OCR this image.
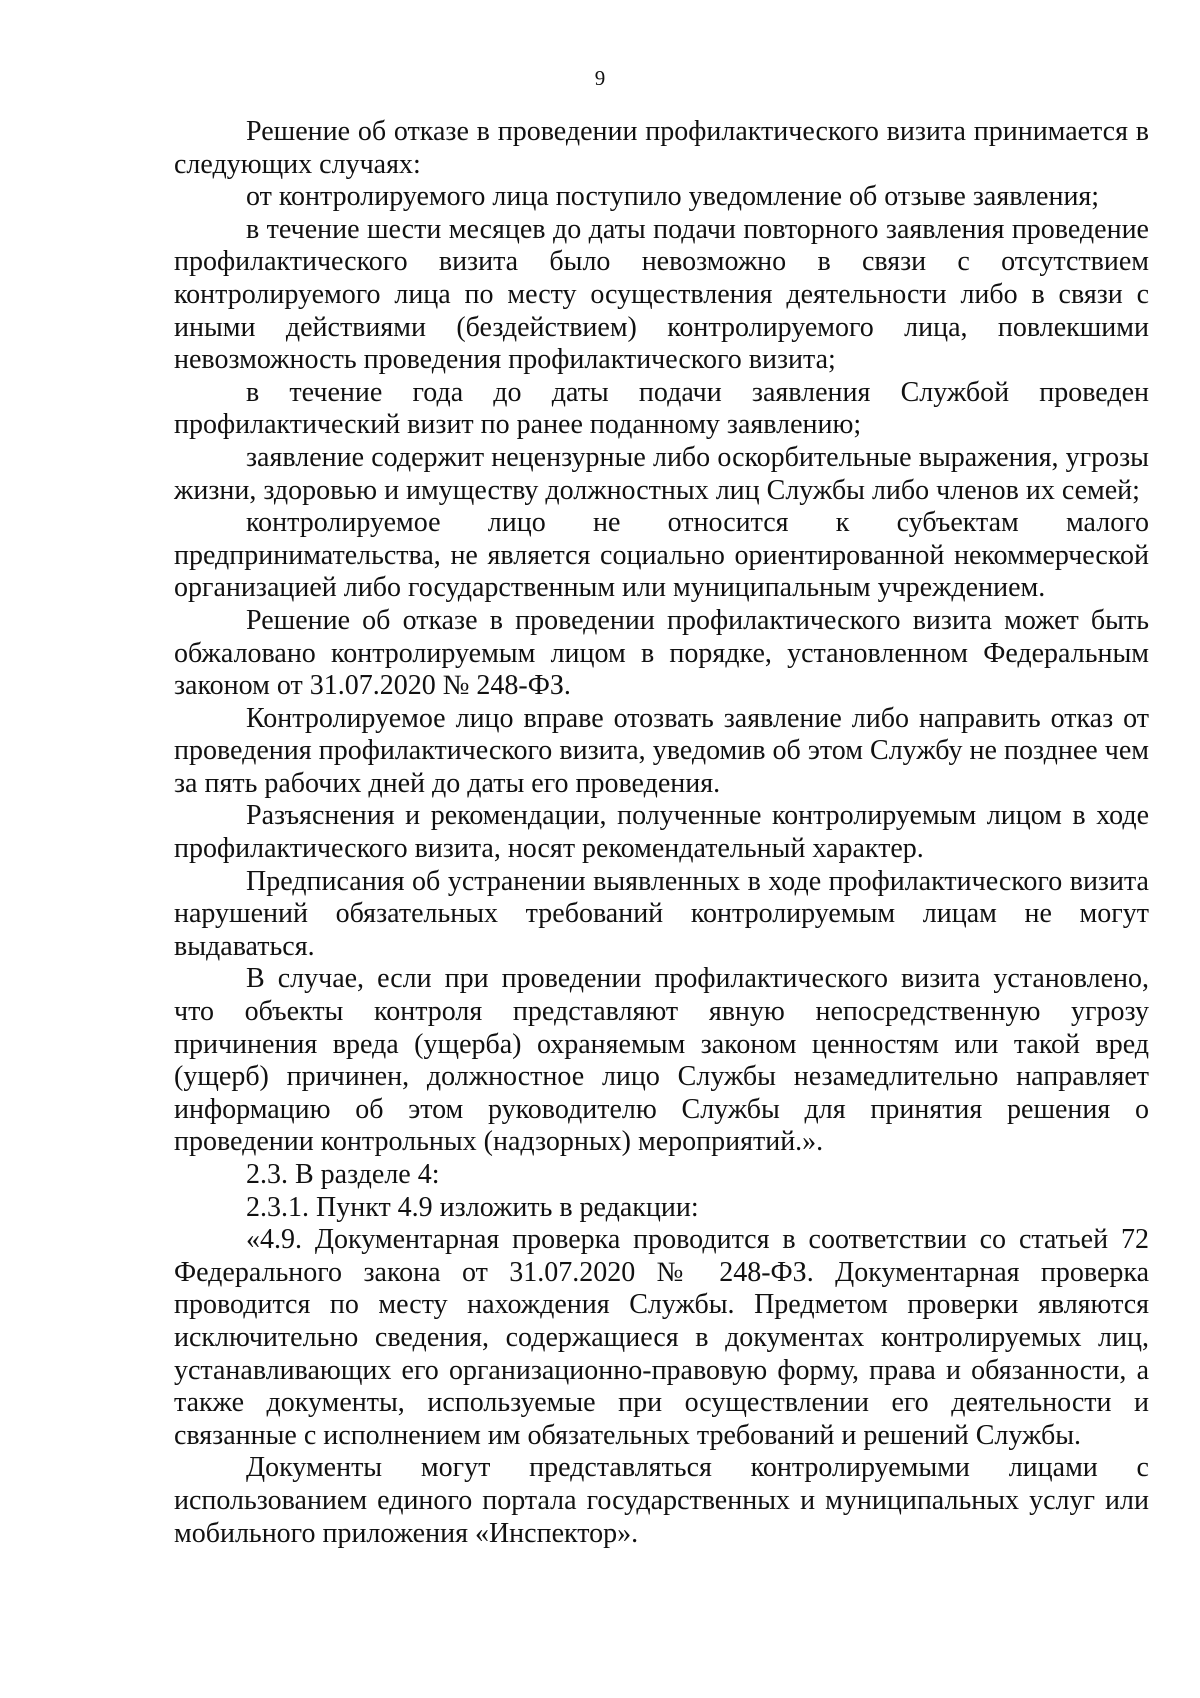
9

Решение об отказе в проведении профилактического визита принимается в следующих случаях:

от контролируемого лица поступило уведомление об отзыве заявления;

в течение шести месяцев до даты подачи повторного заявления проведение профилактического визита было невозможно в связи с отсутствием контролируемого лица по месту осуществления деятельности либо в связи с иными действиями (бездействием) контролируемого лица, повлекшими невозможность проведения профилактического визита;

в течение года до даты подачи заявления Службой проведен профилактический визит по ранее поданному заявлению;

заявление содержит нецензурные либо оскорбительные выражения, угрозы жизни, здоровью и имуществу должностных лиц Службы либо членов их семей;

контролируемое лицо не относится к субъектам малого предпринимательства, не является социально ориентированной некоммерческой организацией либо государственным или муниципальным учреждением.

Решение об отказе в проведении профилактического визита может быть обжаловано контролируемым лицом в порядке, установленном Федеральным законом от 31.07.2020 № 248-ФЗ.

Контролируемое лицо вправе отозвать заявление либо направить отказ от проведения профилактического визита, уведомив об этом Службу не позднее чем за пять рабочих дней до даты его проведения.

Разъяснения и рекомендации, полученные контролируемым лицом в ходе профилактического визита, носят рекомендательный характер.

Предписания об устранении выявленных в ходе профилактического визита нарушений обязательных требований контролируемым лицам не могут выдаваться.

В случае, если при проведении профилактического визита установлено, что объекты контроля представляют явную непосредственную угрозу причинения вреда (ущерба) охраняемым законом ценностям или такой вред (ущерб) причинен, должностное лицо Службы незамедлительно направляет информацию об этом руководителю Службы для принятия решения о проведении контрольных (надзорных) мероприятий.».

2.3. В разделе 4:

2.3.1. Пункт 4.9 изложить в редакции:

«4.9. Документарная проверка проводится в соответствии со статьей 72 Федерального закона от 31.07.2020 № 248-ФЗ. Документарная проверка проводится по месту нахождения Службы. Предметом проверки являются исключительно сведения, содержащиеся в документах контролируемых лиц, устанавливающих его организационно-правовую форму, права и обязанности, а также документы, используемые при осуществлении его деятельности и связанные с исполнением им обязательных требований и решений Службы.

Документы могут представляться контролируемыми лицами с использованием единого портала государственных и муниципальных услуг или мобильного приложения «Инспектор».
